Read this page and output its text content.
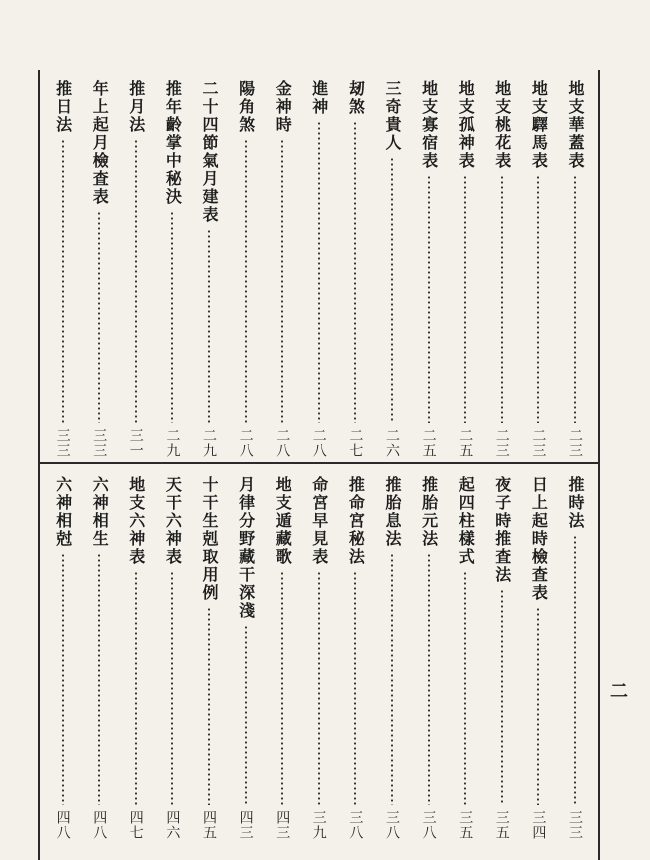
地支華蓋表
二三
地支驛馬表
二三
地支桃花表
二三
地支孤神表
二五
地支寡宿表
二五
三奇貴人
二六
刼煞
二七
進神
二八
金神時
二八
陽角煞
二八
二十四節氣月建表
二九
推年齡掌中秘決
二九
推月法
三一
年上起月檢査表
三三
推日法
三三
推時法
三三
日上起時檢査表
三四
夜子時推査法
三五
起四柱樣式
三五
推胎元法
三八
推胎息法
三八
推命宮秘法
三八
命宮早見表
三九
地支遁藏歌
四三
月律分野藏干深淺
四三
十干生剋取用例
四五
天干六神表
四六
地支六神表
四七
六神相生
四八
六神相尅
四八
二
